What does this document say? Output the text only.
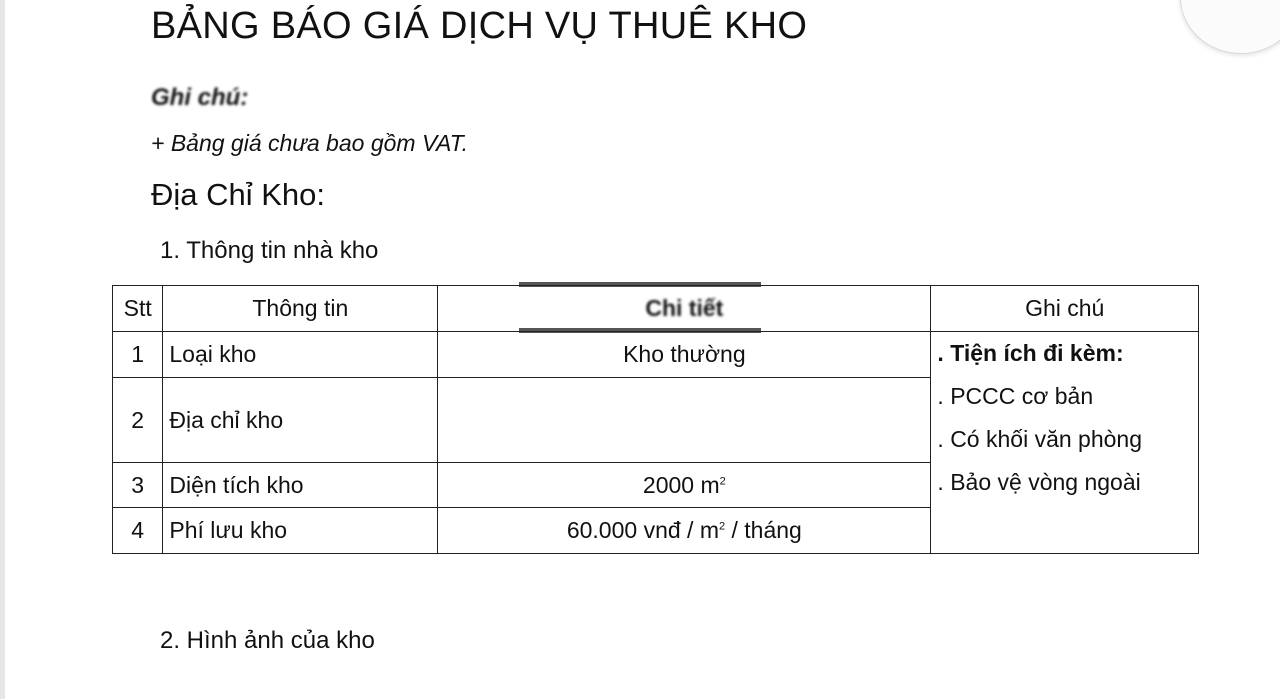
BẢNG BÁO GIÁ DỊCH VỤ THUÊ KHO
Ghi chú:
+ Bảng giá chưa bao gồm VAT.
Địa Chỉ Kho:
1. Thông tin nhà kho
Stt	Thông tin	Chi tiết	Ghi chú
1	Loại kho	Kho thường	. Tiện ích đi kèm:
. PCCC cơ bản
. Có khối văn phòng
. Bảo vệ vòng ngoài

2	Địa chỉ kho		
3	Diện tích kho	2000 $m^2$
4	Phí lưu kho	60.000 vnđ / $m^2$ / tháng	
2. Hình ảnh của kho
